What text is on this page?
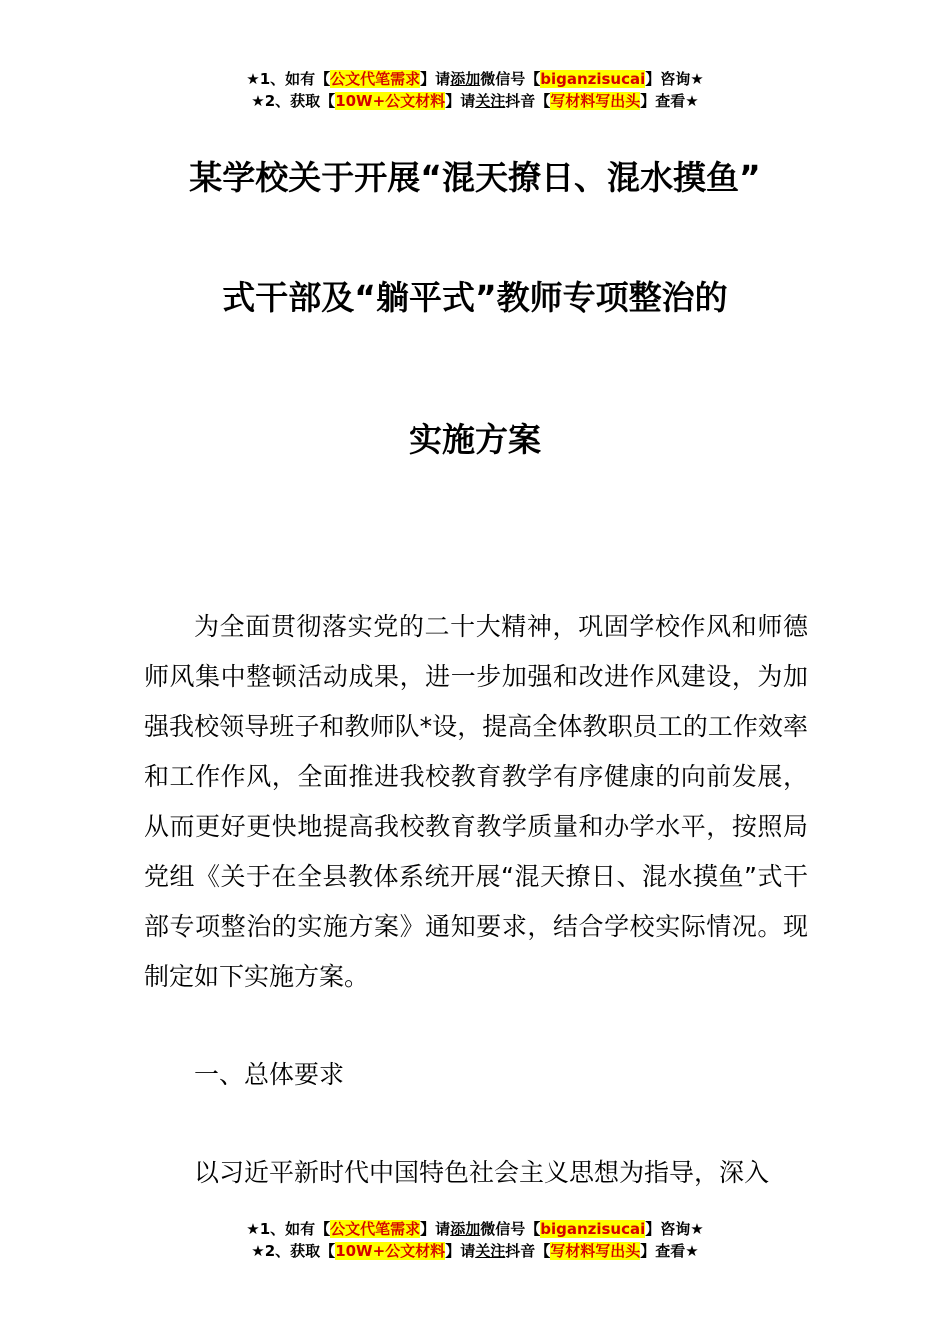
★1、如有【公文代笔需求】请添加微信号【biganzisucai】咨询★
★2、获取【10W+公文材料】请关注抖音【写材料写出头】查看★
某学校关于开展“混天撩日、混水摸鱼”
式干部及“躺平式”教师专项整治的
实施方案

为全面贯彻落实党的二十大精神，巩固学校作风和师德师风集中整顿活动成果，进一步加强和改进作风建设，为加强我校领导班子和教师队*设，提高全体教职员工的工作效率和工作作风，全面推进我校教育教学有序健康的向前发展，从而更好更快地提高我校教育教学质量和办学水平，按照局党组《关于在全县教体系统开展“混天撩日、混水摸鱼”式干部专项整治的实施方案》通知要求，结合学校实际情况。现制定如下实施方案。

一、总体要求
以习近平新时代中国特色社会主义思想为指导，深入
★1、如有【公文代笔需求】请添加微信号【biganzisucai】咨询★
★2、获取【10W+公文材料】请关注抖音【写材料写出头】查看★
